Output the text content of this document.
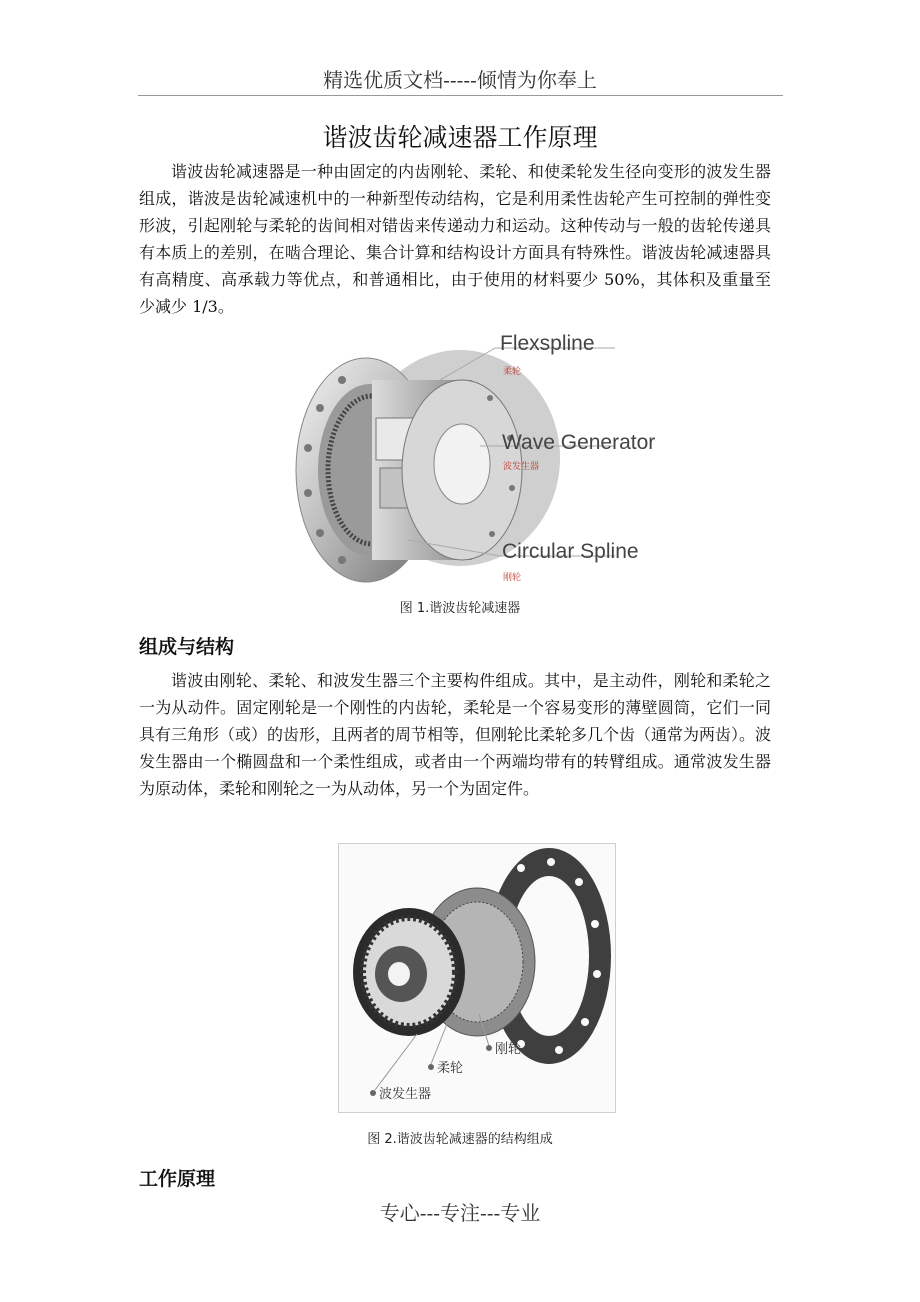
精选优质文档-----倾情为你奉上
谐波齿轮减速器工作原理
谐波齿轮减速器是一种由固定的内齿刚轮、柔轮、和使柔轮发生径向变形的波发生器组成，谐波是齿轮减速机中的一种新型传动结构，它是利用柔性齿轮产生可控制的弹性变形波，引起刚轮与柔轮的齿间相对错齿来传递动力和运动。这种传动与一般的齿轮传递具有本质上的差别，在啮合理论、集合计算和结构设计方面具有特殊性。谐波齿轮减速器具有高精度、高承载力等优点，和普通相比，由于使用的材料要少 50%，其体积及重量至少减少 1/3。
Flexspline
柔轮
Wave Generator
波发生器
Circular Spline
刚轮
图 1.谐波齿轮减速器
组成与结构
谐波由刚轮、柔轮、和波发生器三个主要构件组成。其中，是主动件，刚轮和柔轮之一为从动件。固定刚轮是一个刚性的内齿轮，柔轮是一个容易变形的薄壁圆筒，它们一同具有三角形（或）的齿形，且两者的周节相等，但刚轮比柔轮多几个齿（通常为两齿）。波发生器由一个椭圆盘和一个柔性组成，或者由一个两端均带有的转臂组成。通常波发生器为原动体，柔轮和刚轮之一为从动体，另一个为固定件。
刚轮
柔轮
波发生器
图 2.谐波齿轮减速器的结构组成
工作原理
专心---专注---专业
